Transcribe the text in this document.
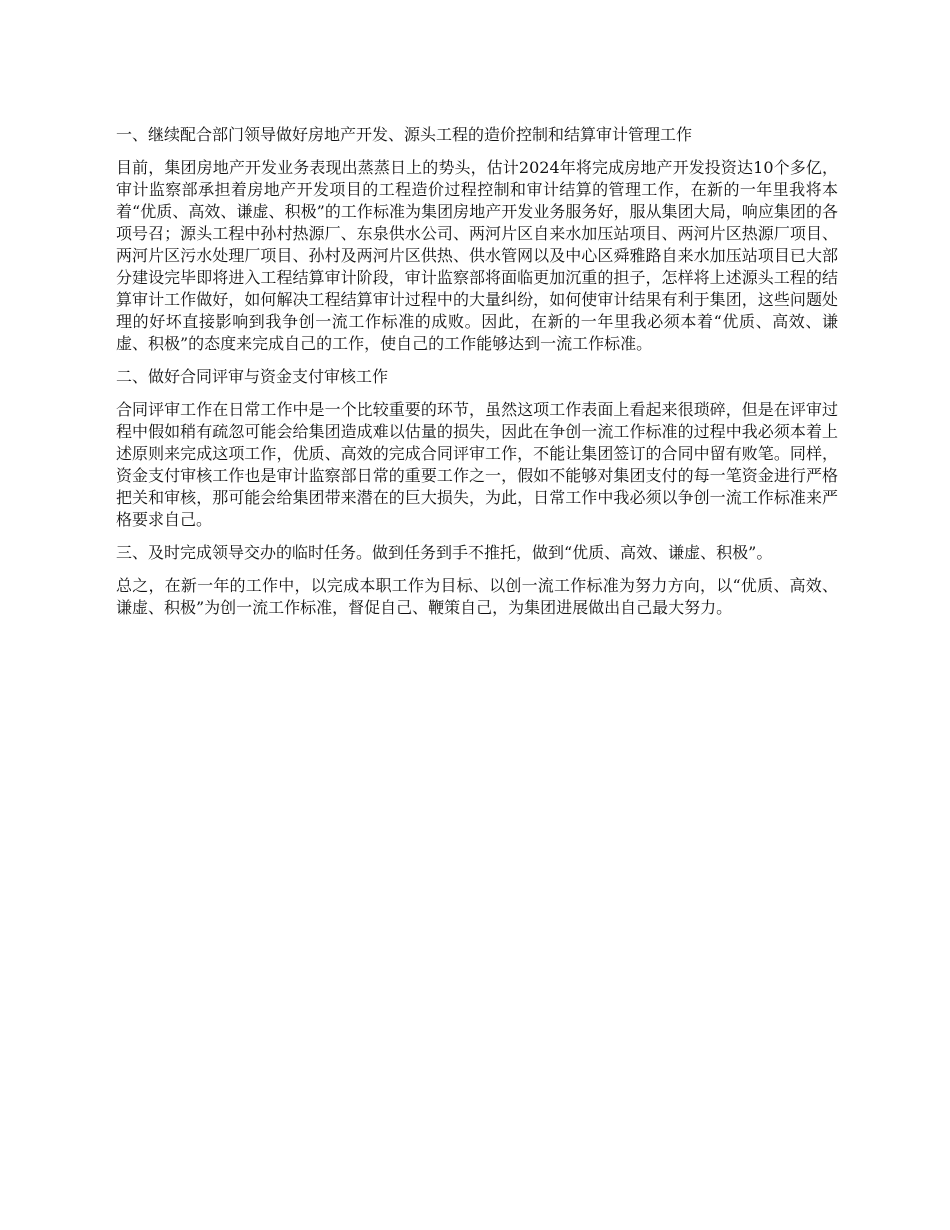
一、继续配合部门领导做好房地产开发、源头工程的造价控制和结算审计管理工作

目前，集团房地产开发业务表现出蒸蒸日上的势头，估计2024年将完成房地产开发投资达10个多亿，审计监察部承担着房地产开发项目的工程造价过程控制和审计结算的管理工作，在新的一年里我将本着“优质、高效、谦虚、积极”的工作标准为集团房地产开发业务服务好，服从集团大局，响应集团的各项号召；源头工程中孙村热源厂、东泉供水公司、两河片区自来水加压站项目、两河片区热源厂项目、两河片区污水处理厂项目、孙村及两河片区供热、供水管网以及中心区舜雅路自来水加压站项目已大部分建设完毕即将进入工程结算审计阶段，审计监察部将面临更加沉重的担子，怎样将上述源头工程的结算审计工作做好，如何解决工程结算审计过程中的大量纠纷，如何使审计结果有利于集团，这些问题处理的好坏直接影响到我争创一流工作标准的成败。因此，在新的一年里我必须本着“优质、高效、谦虚、积极”的态度来完成自己的工作，使自己的工作能够达到一流工作标准。

二、做好合同评审与资金支付审核工作

合同评审工作在日常工作中是一个比较重要的环节，虽然这项工作表面上看起来很琐碎，但是在评审过程中假如稍有疏忽可能会给集团造成难以估量的损失，因此在争创一流工作标准的过程中我必须本着上述原则来完成这项工作，优质、高效的完成合同评审工作，不能让集团签订的合同中留有败笔。同样，资金支付审核工作也是审计监察部日常的重要工作之一，假如不能够对集团支付的每一笔资金进行严格把关和审核，那可能会给集团带来潜在的巨大损失，为此，日常工作中我必须以争创一流工作标准来严格要求自己。

三、及时完成领导交办的临时任务。做到任务到手不推托，做到“优质、高效、谦虚、积极”。

总之，在新一年的工作中，以完成本职工作为目标、以创一流工作标准为努力方向，以“优质、高效、谦虚、积极”为创一流工作标准，督促自己、鞭策自己，为集团进展做出自己最大努力。
